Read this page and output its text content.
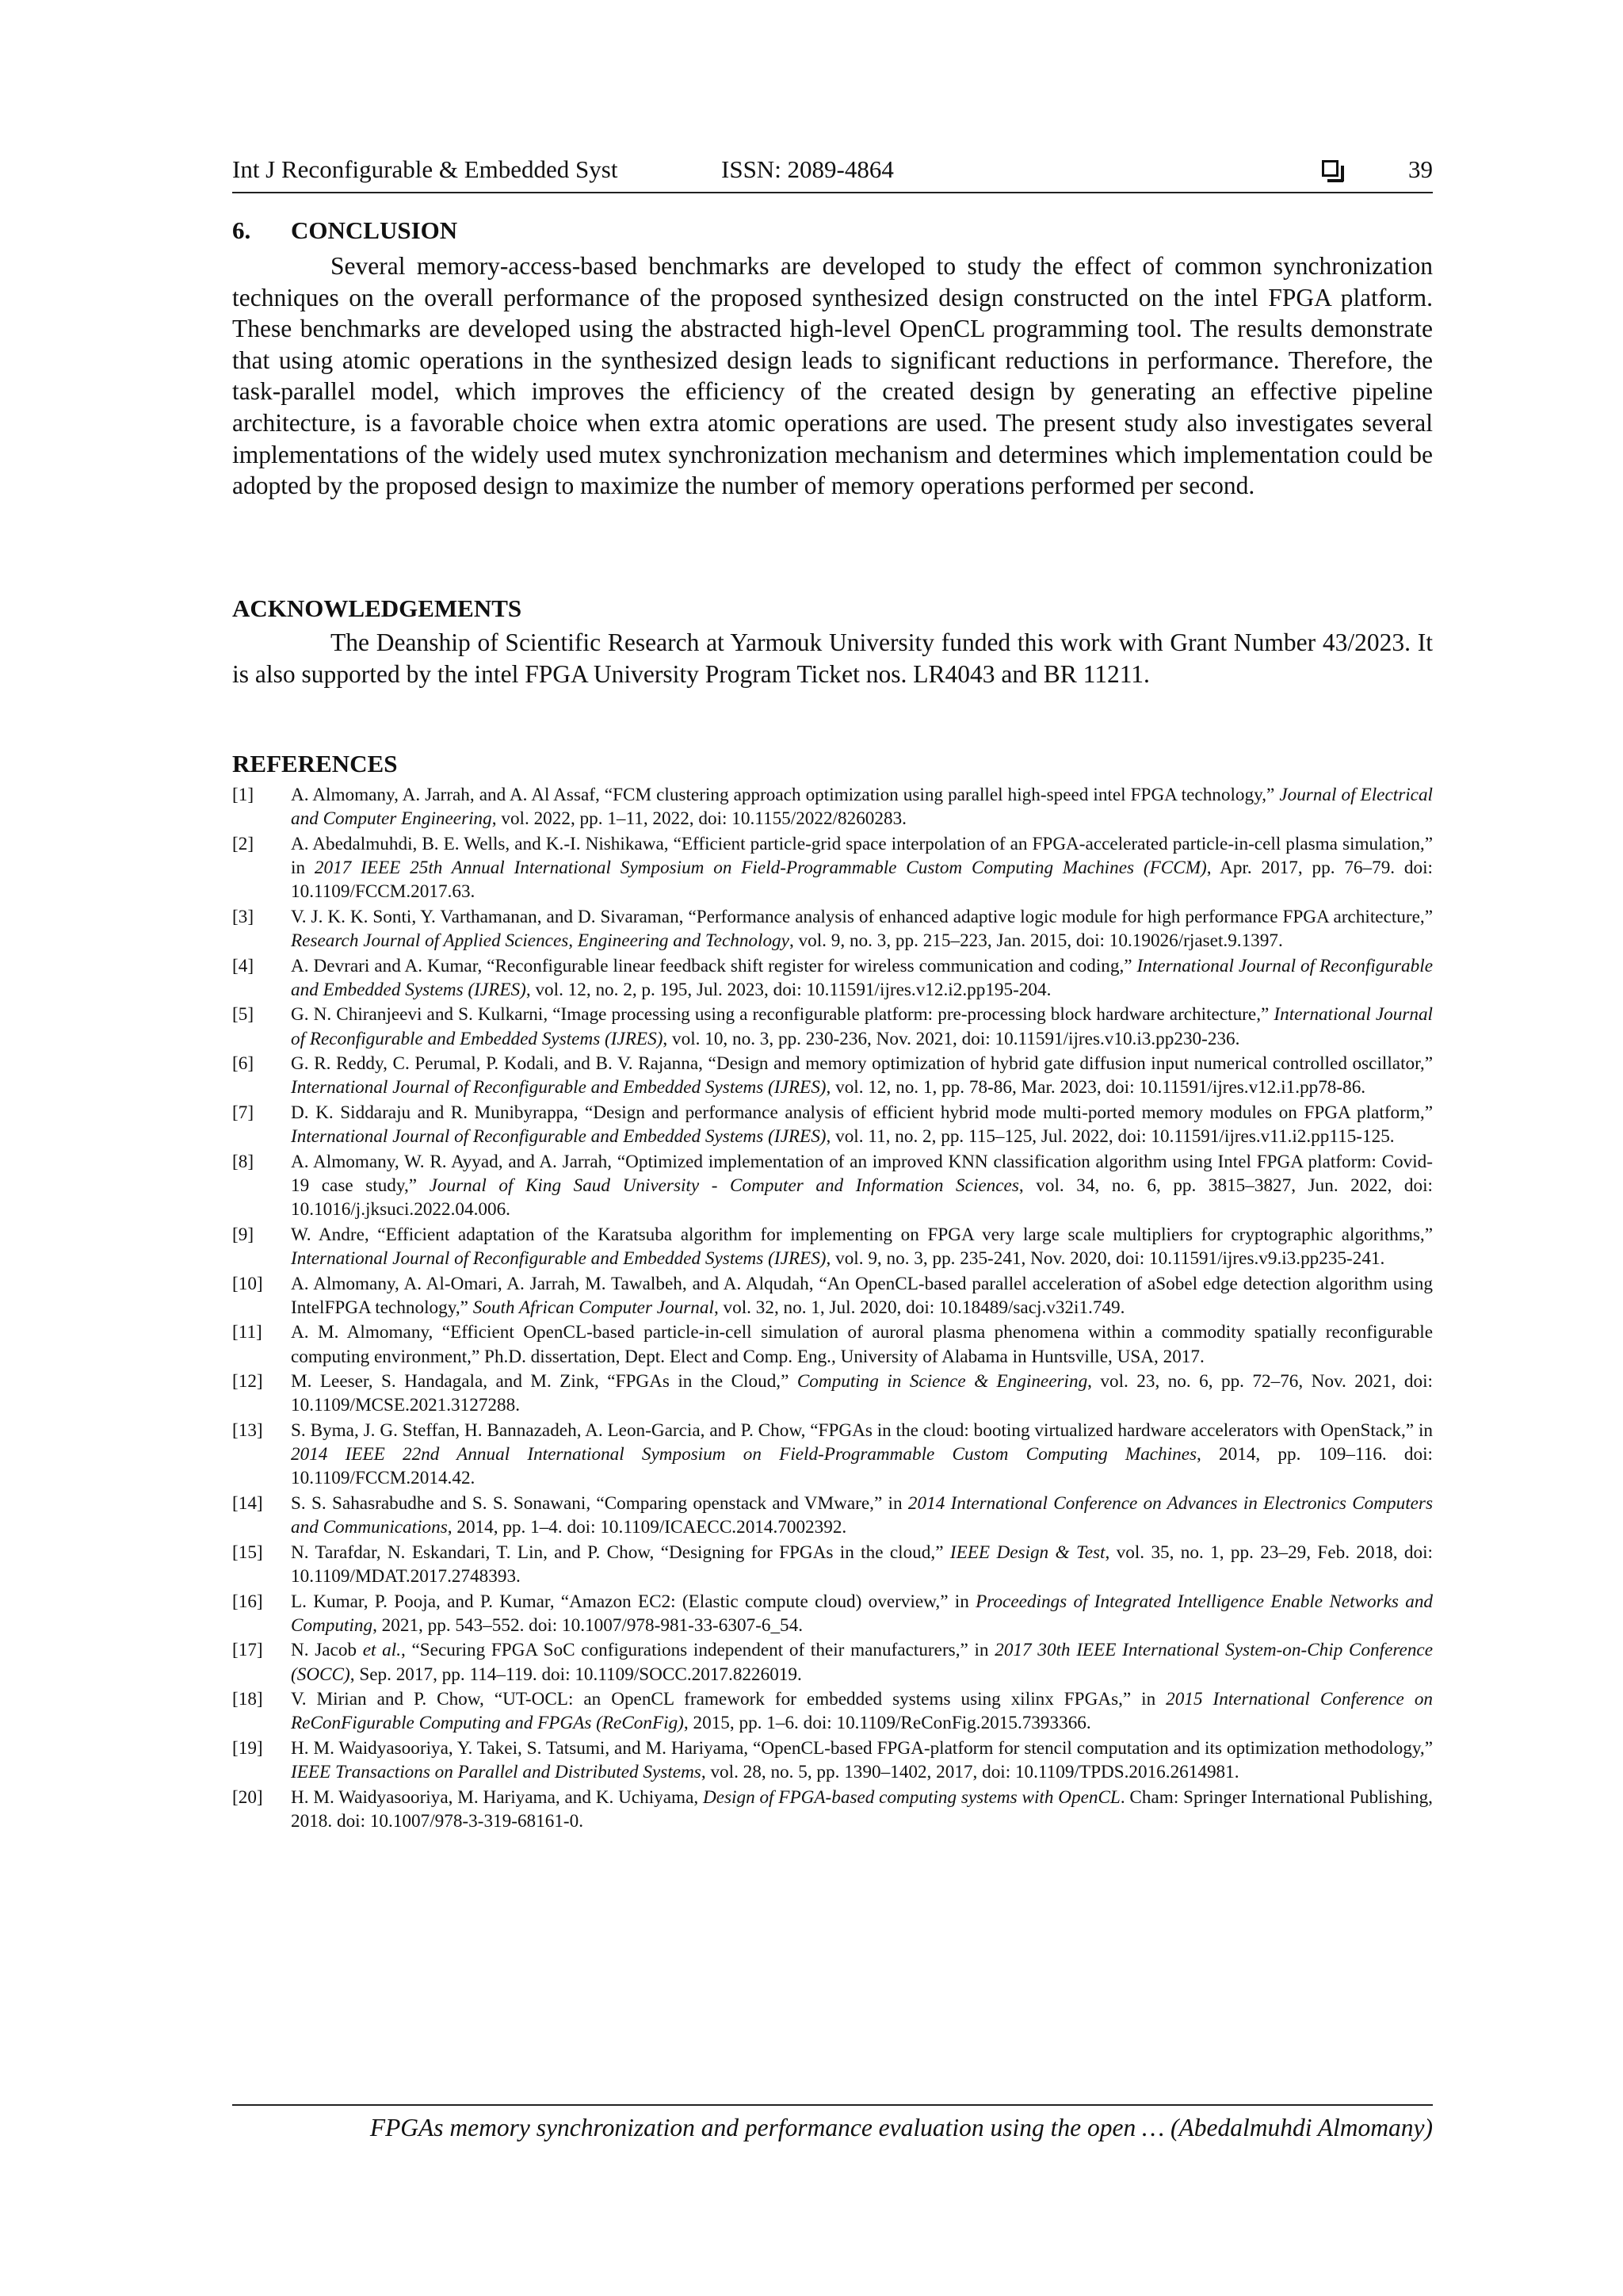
Int J Reconfigurable & Embedded Syst	ISSN: 2089-4864	39
6. CONCLUSION

Several memory-access-based benchmarks are developed to study the effect of common synchronization techniques on the overall performance of the proposed synthesized design constructed on the intel FPGA platform. These benchmarks are developed using the abstracted high-level OpenCL programming tool. The results demonstrate that using atomic operations in the synthesized design leads to significant reductions in performance. Therefore, the task-parallel model, which improves the efficiency of the created design by generating an effective pipeline architecture, is a favorable choice when extra atomic operations are used. The present study also investigates several implementations of the widely used mutex synchronization mechanism and determines which implementation could be adopted by the proposed design to maximize the number of memory operations performed per second.

ACKNOWLEDGEMENTS

The Deanship of Scientific Research at Yarmouk University funded this work with Grant Number 43/2023. It is also supported by the intel FPGA University Program Ticket nos. LR4043 and BR 11211.

REFERENCES
[1] A. Almomany, A. Jarrah, and A. Al Assaf, “FCM clustering approach optimization using parallel high-speed intel FPGA technology,” Journal of Electrical and Computer Engineering, vol. 2022, pp. 1–11, 2022, doi: 10.1155/2022/8260283.
[2] A. Abedalmuhdi, B. E. Wells, and K.-I. Nishikawa, “Efficient particle-grid space interpolation of an FPGA-accelerated particle-in-cell plasma simulation,” in 2017 IEEE 25th Annual International Symposium on Field-Programmable Custom Computing Machines (FCCM), Apr. 2017, pp. 76–79. doi: 10.1109/FCCM.2017.63.
[3] V. J. K. K. Sonti, Y. Varthamanan, and D. Sivaraman, “Performance analysis of enhanced adaptive logic module for high performance FPGA architecture,” Research Journal of Applied Sciences, Engineering and Technology, vol. 9, no. 3, pp. 215–223, Jan. 2015, doi: 10.19026/rjaset.9.1397.
[4] A. Devrari and A. Kumar, “Reconfigurable linear feedback shift register for wireless communication and coding,” International Journal of Reconfigurable and Embedded Systems (IJRES), vol. 12, no. 2, p. 195, Jul. 2023, doi: 10.11591/ijres.v12.i2.pp195-204.
[5] G. N. Chiranjeevi and S. Kulkarni, “Image processing using a reconfigurable platform: pre-processing block hardware architecture,” International Journal of Reconfigurable and Embedded Systems (IJRES), vol. 10, no. 3, pp. 230-236, Nov. 2021, doi: 10.11591/ijres.v10.i3.pp230-236.
[6] G. R. Reddy, C. Perumal, P. Kodali, and B. V. Rajanna, “Design and memory optimization of hybrid gate diffusion input numerical controlled oscillator,” International Journal of Reconfigurable and Embedded Systems (IJRES), vol. 12, no. 1, pp. 78-86, Mar. 2023, doi: 10.11591/ijres.v12.i1.pp78-86.
[7] D. K. Siddaraju and R. Munibyrappa, “Design and performance analysis of efficient hybrid mode multi-ported memory modules on FPGA platform,” International Journal of Reconfigurable and Embedded Systems (IJRES), vol. 11, no. 2, pp. 115–125, Jul. 2022, doi: 10.11591/ijres.v11.i2.pp115-125.
[8] A. Almomany, W. R. Ayyad, and A. Jarrah, “Optimized implementation of an improved KNN classification algorithm using Intel FPGA platform: Covid-19 case study,” Journal of King Saud University - Computer and Information Sciences, vol. 34, no. 6, pp. 3815–3827, Jun. 2022, doi: 10.1016/j.jksuci.2022.04.006.
[9] W. Andre, “Efficient adaptation of the Karatsuba algorithm for implementing on FPGA very large scale multipliers for cryptographic algorithms,” International Journal of Reconfigurable and Embedded Systems (IJRES), vol. 9, no. 3, pp. 235-241, Nov. 2020, doi: 10.11591/ijres.v9.i3.pp235-241.
[10] A. Almomany, A. Al-Omari, A. Jarrah, M. Tawalbeh, and A. Alqudah, “An OpenCL-based parallel acceleration of aSobel edge detection algorithm using IntelFPGA technology,” South African Computer Journal, vol. 32, no. 1, Jul. 2020, doi: 10.18489/sacj.v32i1.749.
[11] A. M. Almomany, “Efficient OpenCL-based particle-in-cell simulation of auroral plasma phenomena within a commodity spatially reconfigurable computing environment,” Ph.D. dissertation, Dept. Elect and Comp. Eng., University of Alabama in Huntsville, USA, 2017.
[12] M. Leeser, S. Handagala, and M. Zink, “FPGAs in the Cloud,” Computing in Science & Engineering, vol. 23, no. 6, pp. 72–76, Nov. 2021, doi: 10.1109/MCSE.2021.3127288.
[13] S. Byma, J. G. Steffan, H. Bannazadeh, A. Leon-Garcia, and P. Chow, “FPGAs in the cloud: booting virtualized hardware accelerators with OpenStack,” in 2014 IEEE 22nd Annual International Symposium on Field-Programmable Custom Computing Machines, 2014, pp. 109–116. doi: 10.1109/FCCM.2014.42.
[14] S. S. Sahasrabudhe and S. S. Sonawani, “Comparing openstack and VMware,” in 2014 International Conference on Advances in Electronics Computers and Communications, 2014, pp. 1–4. doi: 10.1109/ICAECC.2014.7002392.
[15] N. Tarafdar, N. Eskandari, T. Lin, and P. Chow, “Designing for FPGAs in the cloud,” IEEE Design & Test, vol. 35, no. 1, pp. 23–29, Feb. 2018, doi: 10.1109/MDAT.2017.2748393.
[16] L. Kumar, P. Pooja, and P. Kumar, “Amazon EC2: (Elastic compute cloud) overview,” in Proceedings of Integrated Intelligence Enable Networks and Computing, 2021, pp. 543–552. doi: 10.1007/978-981-33-6307-6_54.
[17] N. Jacob et al., “Securing FPGA SoC configurations independent of their manufacturers,” in 2017 30th IEEE International System-on-Chip Conference (SOCC), Sep. 2017, pp. 114–119. doi: 10.1109/SOCC.2017.8226019.
[18] V. Mirian and P. Chow, “UT-OCL: an OpenCL framework for embedded systems using xilinx FPGAs,” in 2015 International Conference on ReConFigurable Computing and FPGAs (ReConFig), 2015, pp. 1–6. doi: 10.1109/ReConFig.2015.7393366.
[19] H. M. Waidyasooriya, Y. Takei, S. Tatsumi, and M. Hariyama, “OpenCL-based FPGA-platform for stencil computation and its optimization methodology,” IEEE Transactions on Parallel and Distributed Systems, vol. 28, no. 5, pp. 1390–1402, 2017, doi: 10.1109/TPDS.2016.2614981.
[20] H. M. Waidyasooriya, M. Hariyama, and K. Uchiyama, Design of FPGA-based computing systems with OpenCL. Cham: Springer International Publishing, 2018. doi: 10.1007/978-3-319-68161-0.
FPGAs memory synchronization and performance evaluation using the open … (Abedalmuhdi Almomany)
